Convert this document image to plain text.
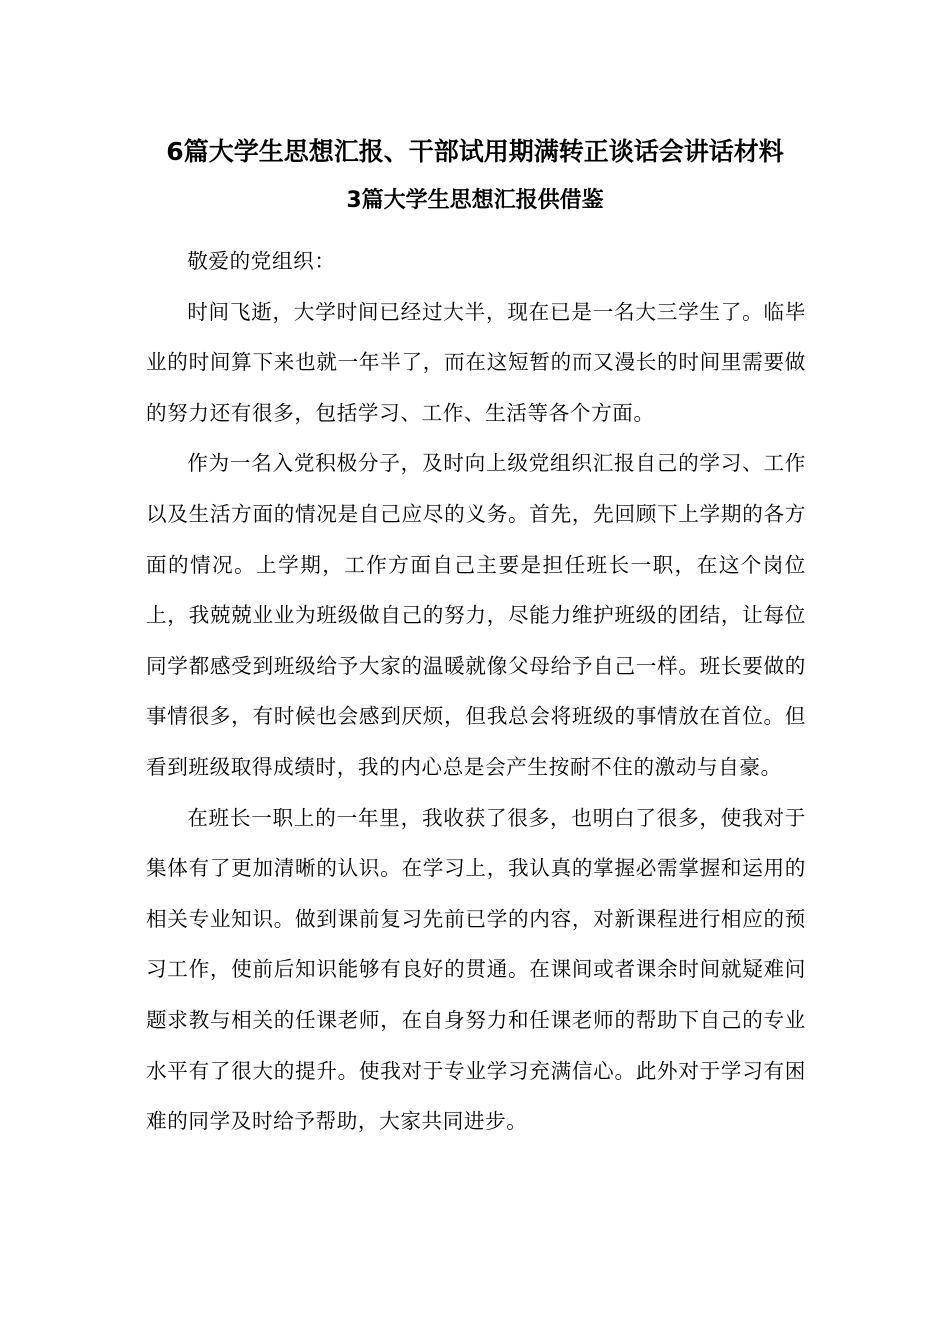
6篇大学生思想汇报、干部试用期满转正谈话会讲话材料
3篇大学生思想汇报供借鉴

敬爱的党组织：

时间飞逝，大学时间已经过大半，现在已是一名大三学生了。临毕业的时间算下来也就一年半了，而在这短暂的而又漫长的时间里需要做的努力还有很多，包括学习、工作、生活等各个方面。

作为一名入党积极分子，及时向上级党组织汇报自己的学习、工作以及生活方面的情况是自己应尽的义务。首先，先回顾下上学期的各方面的情况。上学期，工作方面自己主要是担任班长一职，在这个岗位上，我兢兢业业为班级做自己的努力，尽能力维护班级的团结，让每位同学都感受到班级给予大家的温暖就像父母给予自己一样。班长要做的事情很多，有时候也会感到厌烦，但我总会将班级的事情放在首位。但看到班级取得成绩时，我的内心总是会产生按耐不住的激动与自豪。

在班长一职上的一年里，我收获了很多，也明白了很多，使我对于集体有了更加清晰的认识。在学习上，我认真的掌握必需掌握和运用的相关专业知识。做到课前复习先前已学的内容，对新课程进行相应的预习工作，使前后知识能够有良好的贯通。在课间或者课余时间就疑难问题求教与相关的任课老师，在自身努力和任课老师的帮助下自己的专业水平有了很大的提升。使我对于专业学习充满信心。此外对于学习有困难的同学及时给予帮助，大家共同进步。
